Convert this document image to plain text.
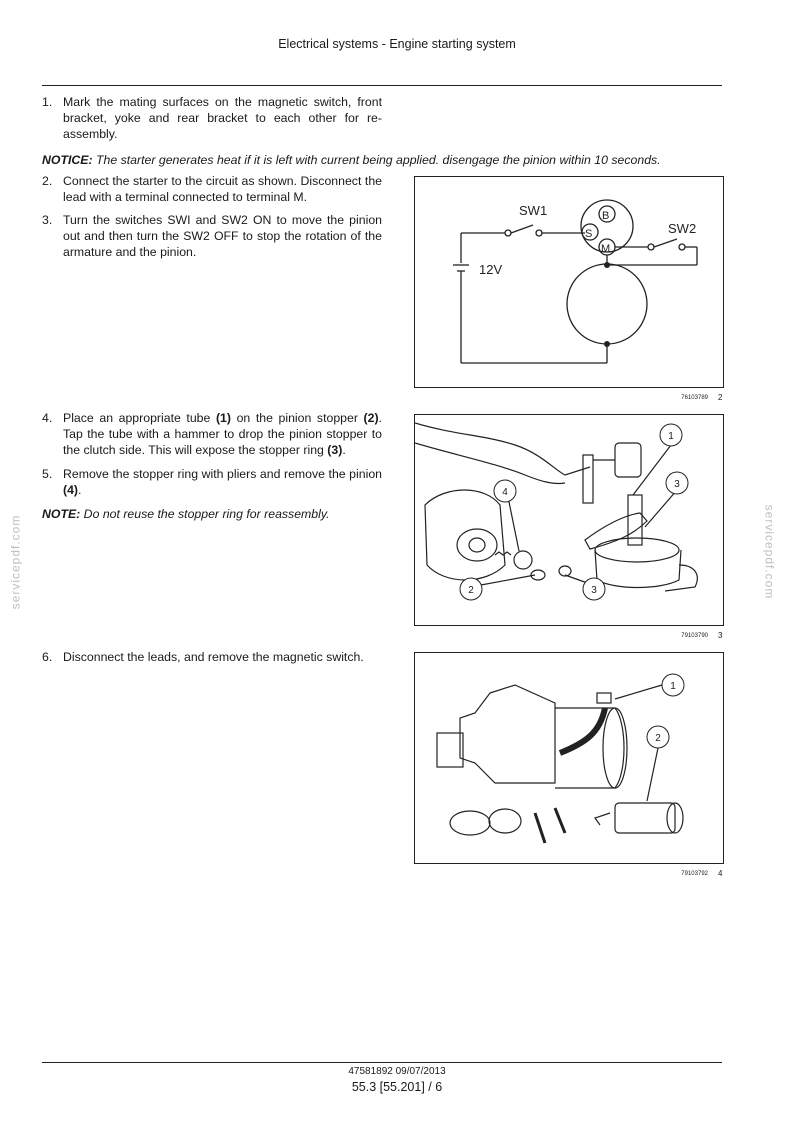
Electrical systems - Engine starting system
1. Mark the mating surfaces on the magnetic switch, front bracket, yoke and rear bracket to each other for re-assembly.
NOTICE: The starter generates heat if it is left with current being applied. disengage the pinion within 10 seconds.
2. Connect the starter to the circuit as shown. Disconnect the lead with a terminal connected to terminal M.
3. Turn the switches SWI and SW2 ON to move the pinion out and then turn the SW2 OFF to stop the rotation of the armature and the pinion.
SW1
SW2
12V
B
S
M
76103789 2
4. Place an appropriate tube (1) on the pinion stopper (2). Tap the tube with a hammer to drop the pinion stopper to the clutch side. This will expose the stopper ring (3).
5. Remove the stopper ring with pliers and remove the pinion (4).
NOTE: Do not reuse the stopper ring for reassembly.
1
3
4
2	3
79103790 3
6. Disconnect the leads, and remove the magnetic switch.
1
2
79103792 4
servicepdf.com	servicepdf.com
47581892 09/07/2013
55.3 [55.201] / 6
